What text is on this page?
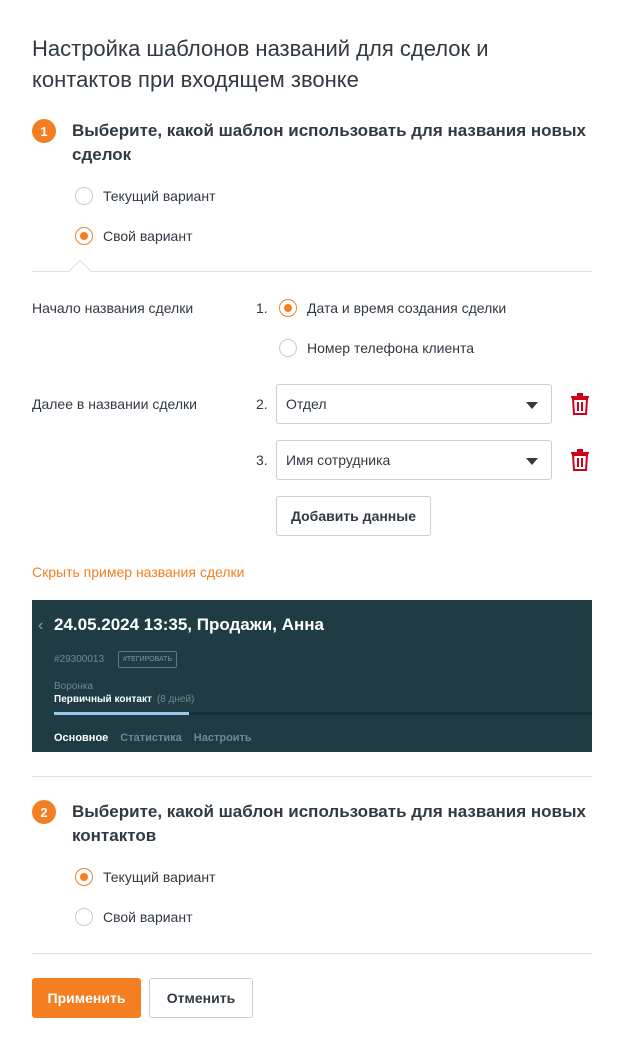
Настройка шаблонов названий для сделок и контактов при входящем звонке
1	Выберите, какой шаблон использовать для названия новых сделок
Текущий вариант
Свой вариант
Начало названия сделки	1.	Дата и время создания сделки
Номер телефона клиента
Далее в названии сделки	2. Отдел
3. Имя сотрудника
Добавить данные
Скрыть пример названия сделки
‹ 24.05.2024 13:35, Продажи, Анна
#29300013	#ТЕГИРОВАТЬ
Воронка
Первичный контакт (8 дней)
Основное Статистика Настроить
2	Выберите, какой шаблон использовать для названия новых контактов
Текущий вариант
Свой вариант
Применить	Отменить
